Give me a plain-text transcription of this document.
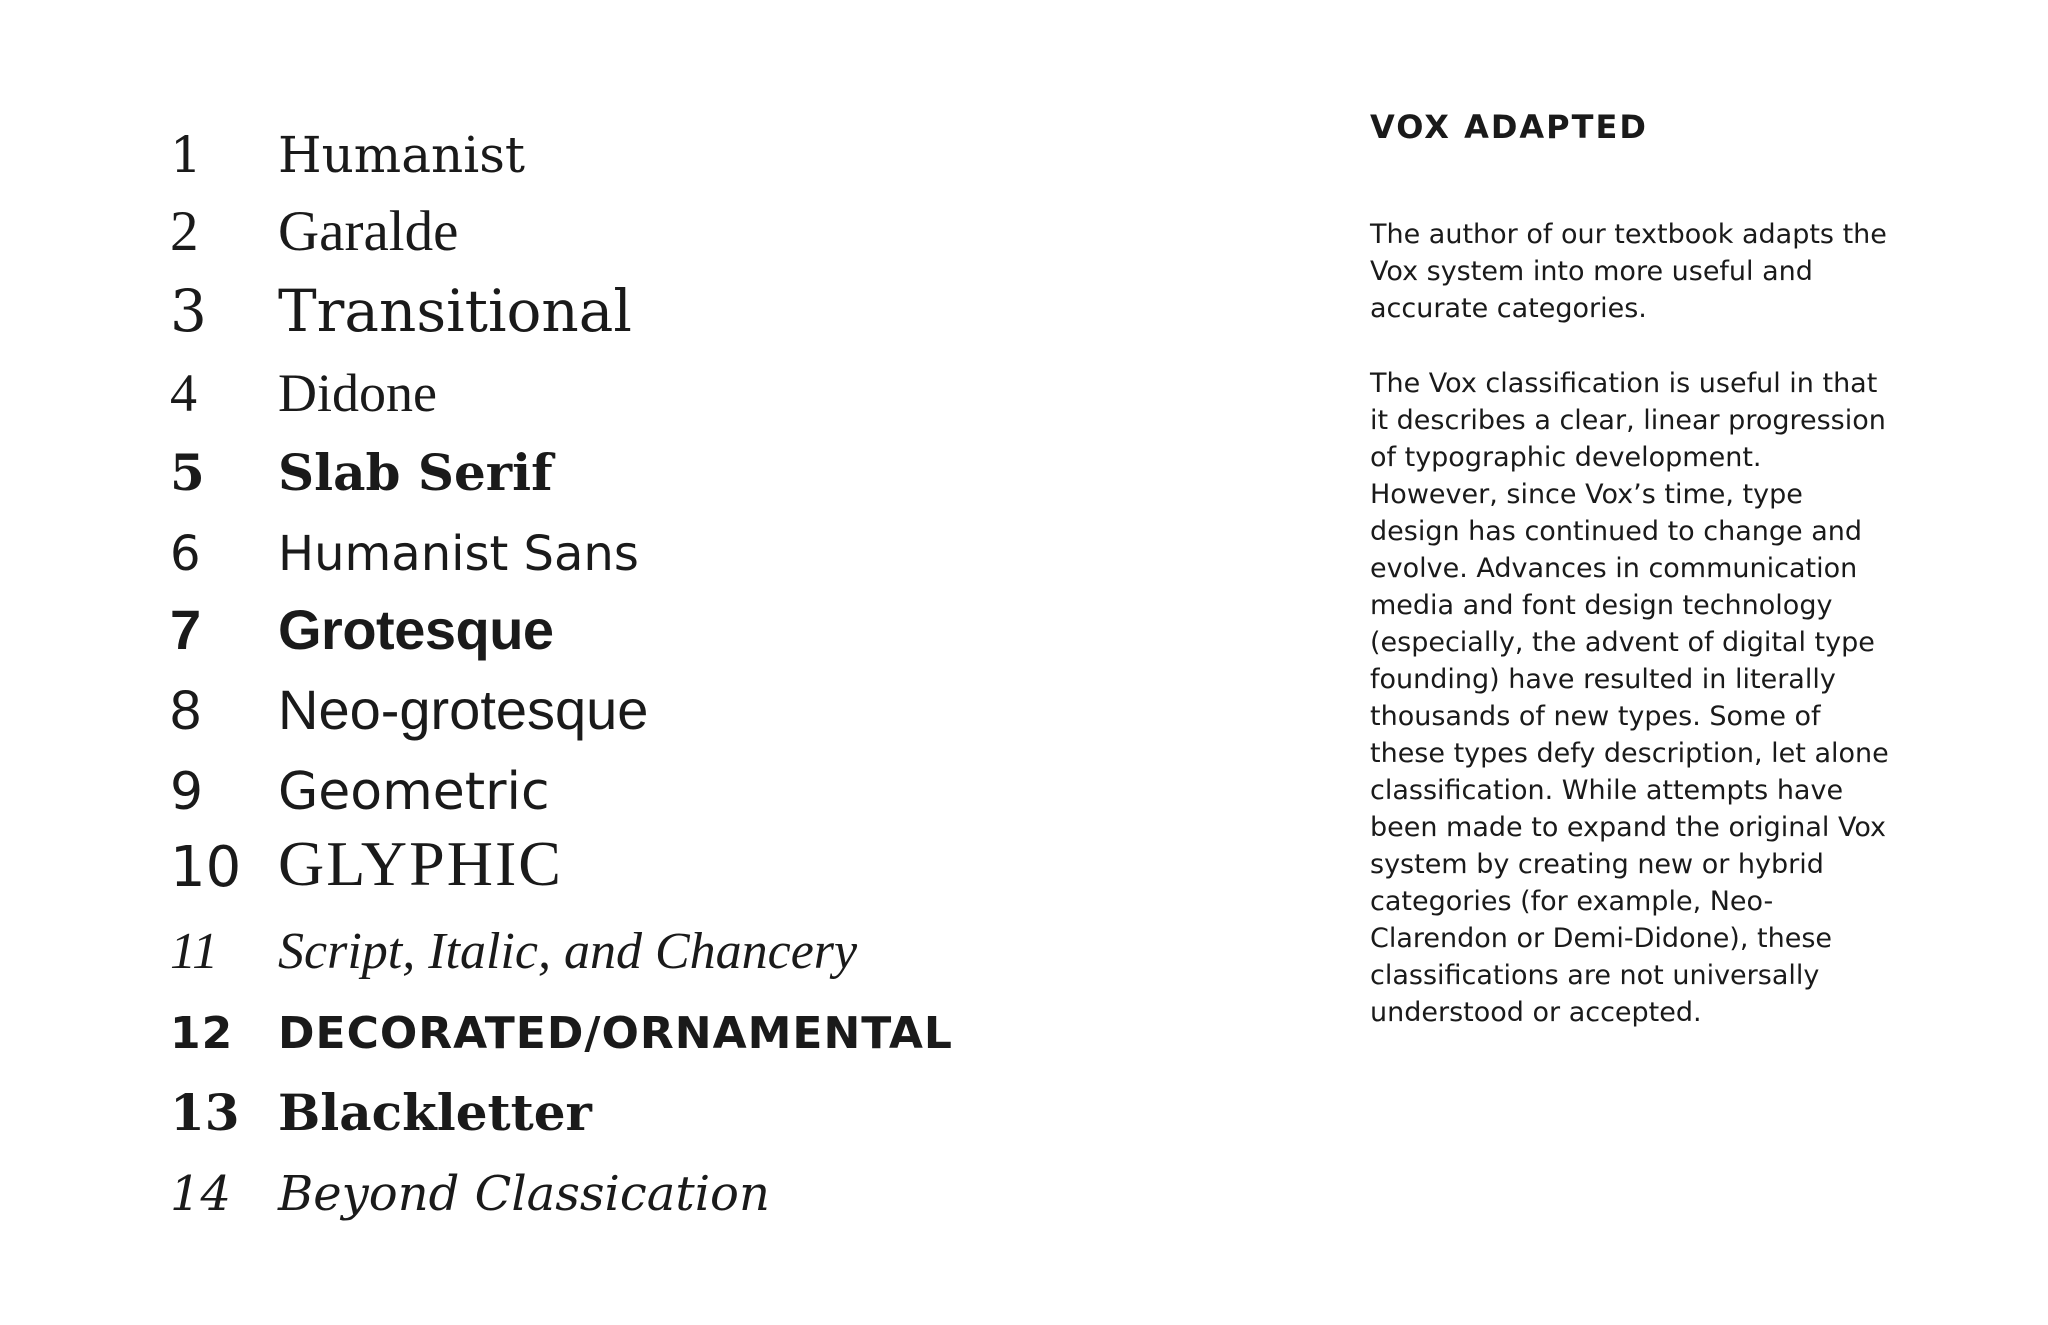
1 Humanist
2 Garalde
3 Transitional
4 Didone
5 Slab Serif
6 Humanist Sans
7 Grotesque
8 Neo-grotesque
9 Geometric
10 GLYPHIC
11 Script, Italic, and Chancery
12 DECORATED/ORNAMENTAL
13 Blackletter
14 Beyond Classication
VOX ADAPTED

The author of our textbook adapts the Vox system into more useful and accurate categories.

The Vox classification is useful in that it describes a clear, linear progression of typographic development. However, since Vox’s time, type design has continued to change and evolve. Advances in communication media and font design technology (especially, the advent of digital type founding) have resulted in literally thousands of new types. Some of these types defy description, let alone classification. While attempts have been made to expand the original Vox system by creating new or hybrid categories (for example, Neo-Clarendon or Demi-Didone), these classifications are not universally understood or accepted.
